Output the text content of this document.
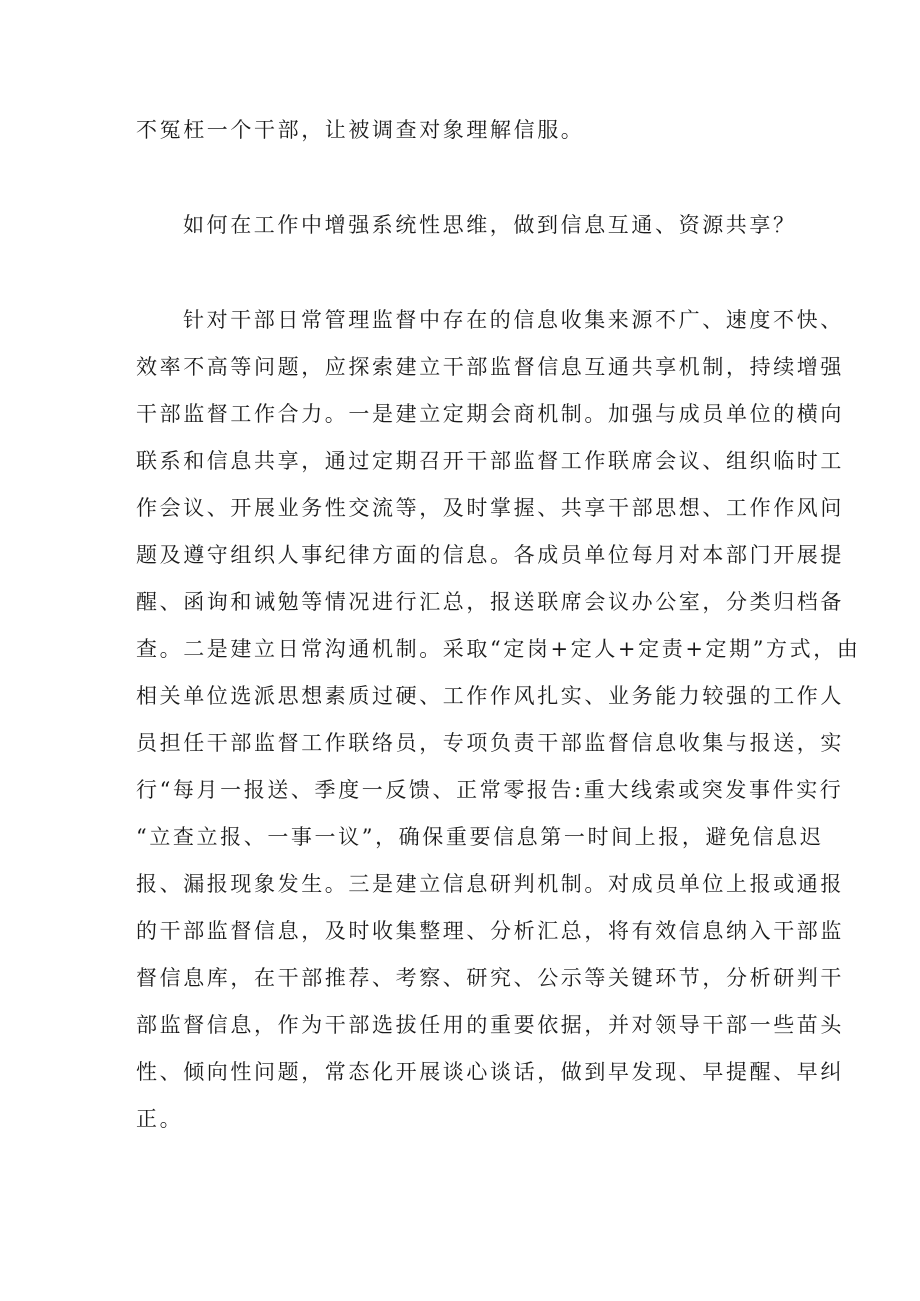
不冤枉一个干部，让被调查对象理解信服。
如何在工作中增强系统性思维，做到信息互通、资源共享？
针对干部日常管理监督中存在的信息收集来源不广、速度不快、
效率不高等问题，应探索建立干部监督信息互通共享机制，持续增强
干部监督工作合力。一是建立定期会商机制。加强与成员单位的横向
联系和信息共享，通过定期召开干部监督工作联席会议、组织临时工
作会议、开展业务性交流等，及时掌握、共享干部思想、工作作风问
题及遵守组织人事纪律方面的信息。各成员单位每月对本部门开展提
醒、函询和诫勉等情况进行汇总，报送联席会议办公室，分类归档备
查。二是建立日常沟通机制。采取“定岗+定人+定责+定期”方式，由
相关单位选派思想素质过硬、工作作风扎实、业务能力较强的工作人
员担任干部监督工作联络员，专项负责干部监督信息收集与报送，实
行“每月一报送、季度一反馈、正常零报告:重大线索或突发事件实行
“立查立报、一事一议”，确保重要信息第一时间上报，避免信息迟
报、漏报现象发生。三是建立信息研判机制。对成员单位上报或通报
的干部监督信息，及时收集整理、分析汇总，将有效信息纳入干部监
督信息库，在干部推荐、考察、研究、公示等关键环节，分析研判干
部监督信息，作为干部选拔任用的重要依据，并对领导干部一些苗头
性、倾向性问题，常态化开展谈心谈话，做到早发现、早提醒、早纠
正。
